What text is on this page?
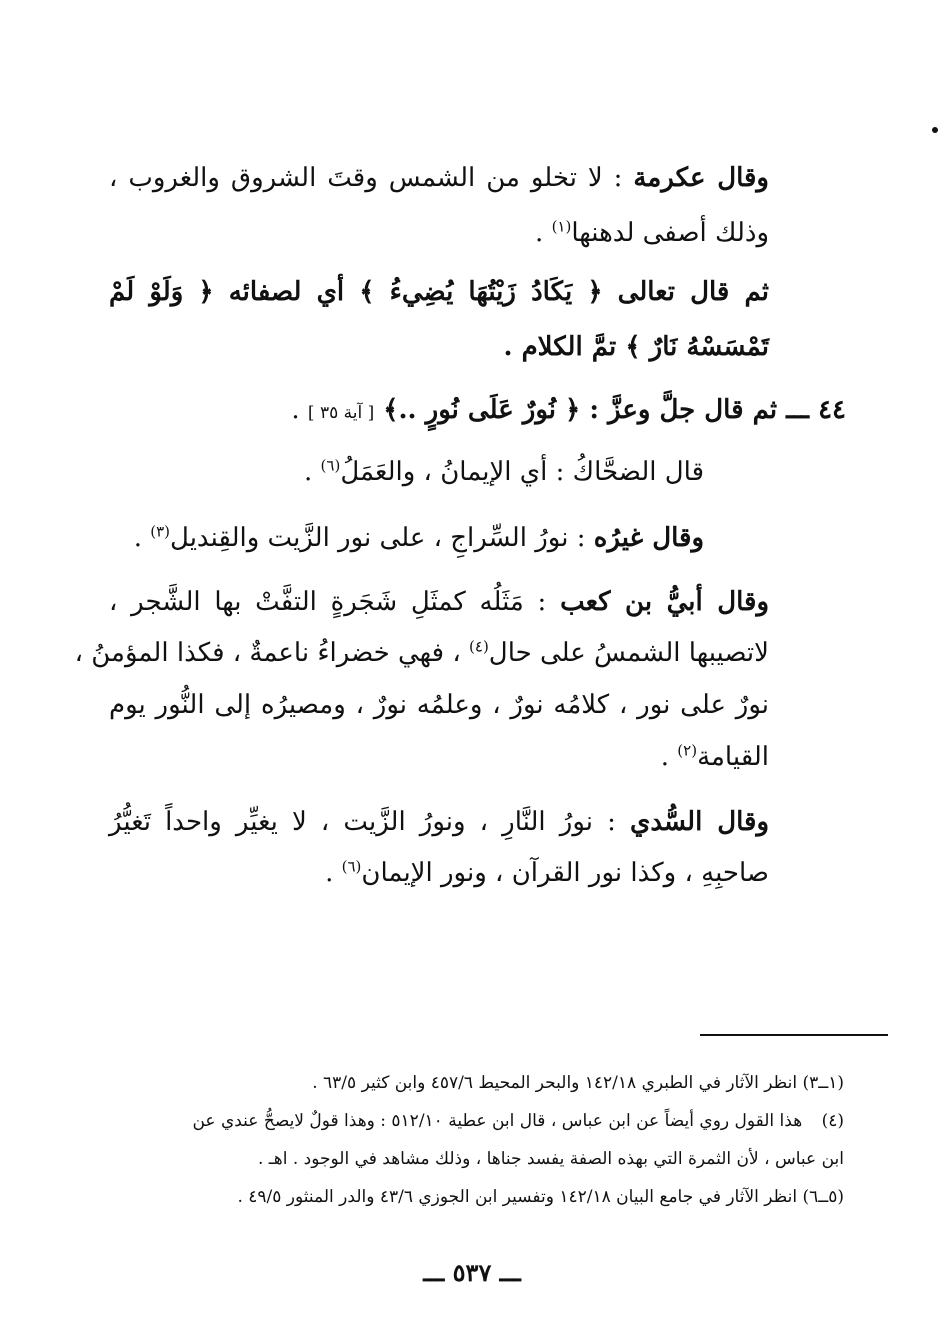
وقال عكرمة : لا تخلو من الشمس وقتَ الشروق والغروب ،
وذلك أصفى لدهنها$^{(١)}$ .
ثم قال تعالى ﴿ يَكَادُ زَيْتُهَا يُضِيءُ ﴾ أي لصفائه ﴿ وَلَوْ لَمْ
تَمْسَسْهُ نَارٌ ﴾ تمَّ الكلام .
٤٤ ـــ ثم قال جلَّ وعزَّ : ﴿ نُورٌ عَلَى نُورٍ ..﴾ [ آية ٣٥ ] .
قال الضحَّاكُ : أي الإيمانُ ، والعَمَلُ$^{(٦)}$ .
وقال غيرُه : نورُ السِّراجِ ، على نور الزَّيت والقِنديل$^{(٣)}$ .
وقال أبيُّ بن كعب : مَثَلُه كمثَلِ شَجَرةٍ التفَّتْ بها الشَّجر ،
لاتصيبها الشمسُ على حال$^{(٤)}$ ، فهي خضراءُ ناعمةٌ ، فكذا المؤمنُ ،
نورٌ على نور ، كلامُه نورٌ ، وعلمُه نورٌ ، ومصيرُه إلى النُّور يوم
القيامة$^{(٢)}$ .
وقال السُّدي : نورُ النَّارِ ، ونورُ الزَّيت ، لا يغيِّر واحداً تَغيُّرُ
صاحبِهِ ، وكذا نور القرآن ، ونور الإيمان$^{(٦)}$ .
(١ــ٣) انظر الآثار في الطبري ١٤٢/١٨ والبحر المحيط ٤٥٧/٦ وابن كثير ٦٣/٥ .
(٤) هذا القول روي أيضاً عن ابن عباس ، قال ابن عطية ٥١٢/١٠ : وهذا قولٌ لايصحُّ عندي عن
ابن عباس ، لأن الثمرة التي بهذه الصفة يفسد جناها ، وذلك مشاهد في الوجود . اهـ .
(٥ــ٦) انظر الآثار في جامع البيان ١٤٢/١٨ وتفسير ابن الجوزي ٤٣/٦ والدر المنثور ٤٩/٥ .
ـــ ٥٣٧ ـــ
